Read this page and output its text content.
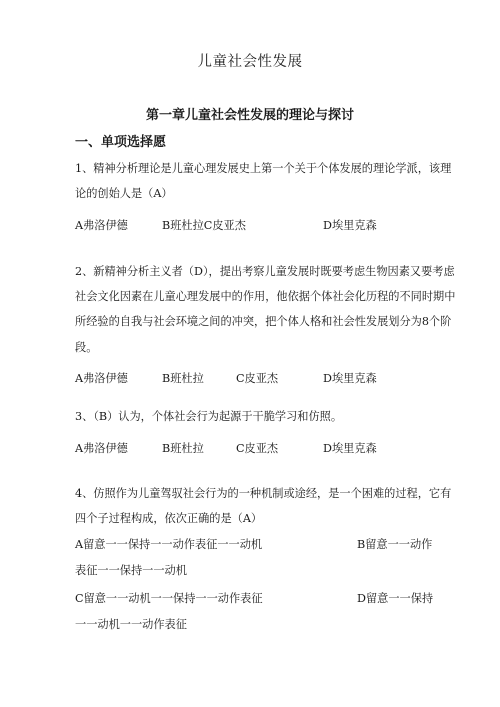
儿童社会性发展
第一章儿童社会性发展的理论与探讨
一、单项选择愿
1、精神分析理论是儿童心理发展史上第一个关于个体发展的理论学派，该理
论的创始人是（A）
A弗洛伊德	B班杜拉C皮亚杰	D埃里克森
2、新精神分析主义者（D），提出考察儿童发展时既要考虑生物因素又要考虑
社会文化因素在儿童心理发展中的作用，他依据个体社会化历程的不同时期中
所经验的自我与社会环境之间的冲突，把个体人格和社会性发展划分为8个阶
段。
A弗洛伊德	B班杜拉	C皮亚杰	D埃里克森
3、（B）认为，个体社会行为起源于干脆学习和仿照。
A弗洛伊德	B班杜拉	C皮亚杰	D埃里克森
4、仿照作为儿童驾驭社会行为的一种机制或途经，是一个困难的过程，它有
四个子过程构成，依次正确的是（A）
A留意一一保持一一动作表征一一动机	B留意一一动作
表征一一保持一一动机
C留意一一动机一一保持一一动作表征	D留意一一保持
一一动机一一动作表征
